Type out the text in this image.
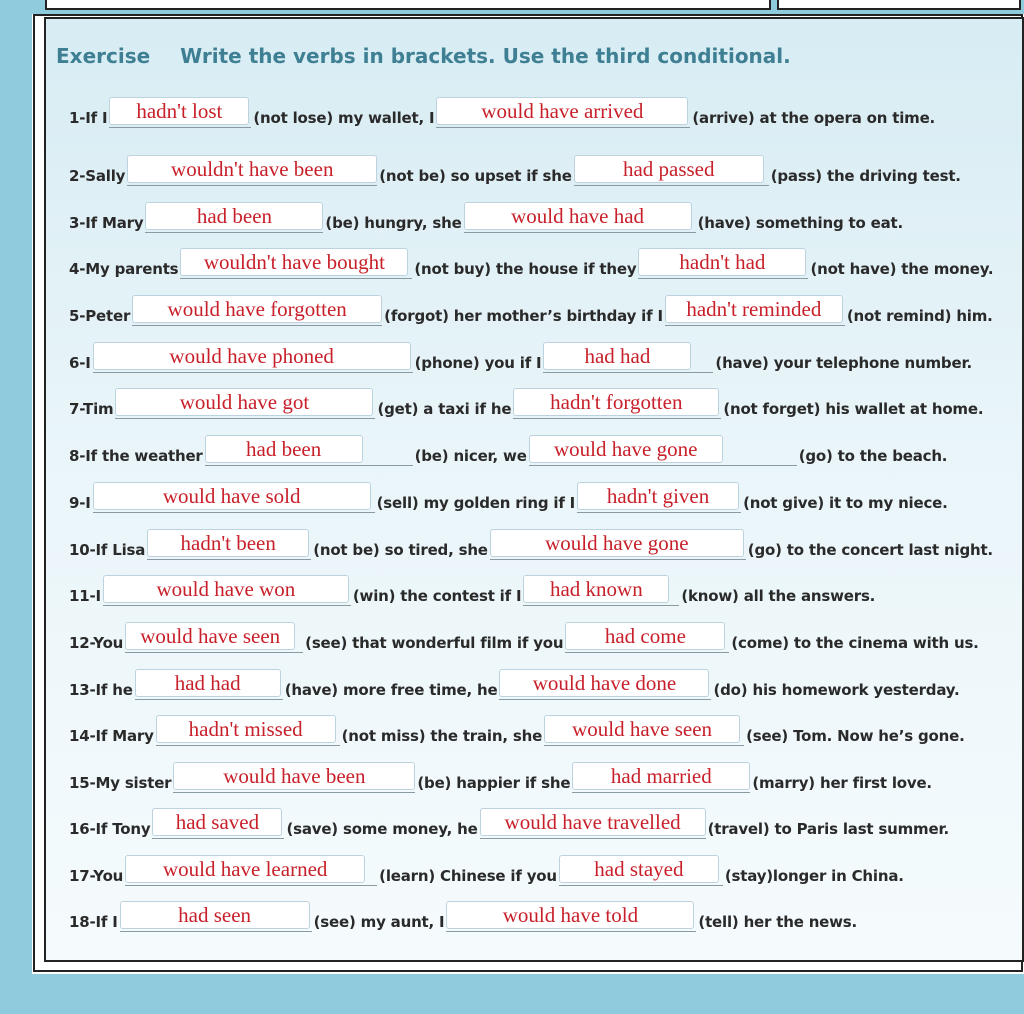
Exercise Write the verbs in brackets. Use the third conditional.
1-If I	hadn't lost	(not lose) my wallet, I	would have arrived	(arrive) at the opera on time.
2-Sally	wouldn't have been	(not be) so upset if she	had passed	(pass) the driving test.
3-If Mary	had been	(be) hungry, she	would have had	(have) something to eat.
4-My parents	wouldn't have bought	(not buy) the house if they	hadn't had	(not have) the money.
5-Peter	would have forgotten	(forgot) her mother’s birthday if I	hadn't reminded	(not remind) him.
6-I	would have phoned	(phone) you if I	had had	(have) your telephone number.
7-Tim	would have got	(get) a taxi if he	hadn't forgotten	(not forget) his wallet at home.
8-If the weather	had been	(be) nicer, we	would have gone	(go) to the beach.
9-I	would have sold	(sell) my golden ring if I	hadn't given	(not give) it to my niece.
10-If Lisa	hadn't been	(not be) so tired, she	would have gone	(go) to the concert last night.
11-I	would have won	(win) the contest if I	had known	(know) all the answers.
12-You would have seen	(see) that wonderful film if you	had come	(come) to the cinema with us.
13-If he	had had	(have) more free time, he	would have done	(do) his homework yesterday.
14-If Mary	hadn't missed	(not miss) the train, she	would have seen	(see) Tom. Now he’s gone.
15-My sister	would have been	(be) happier if she	had married	(marry) her first love.
16-If Tony	had saved	(save) some money, he	would have travelled	(travel) to Paris last summer.
17-You	would have learned	(learn) Chinese if you	had stayed	(stay)longer in China.
18-If I	had seen	(see) my aunt, I	would have told	(tell) her the news.
